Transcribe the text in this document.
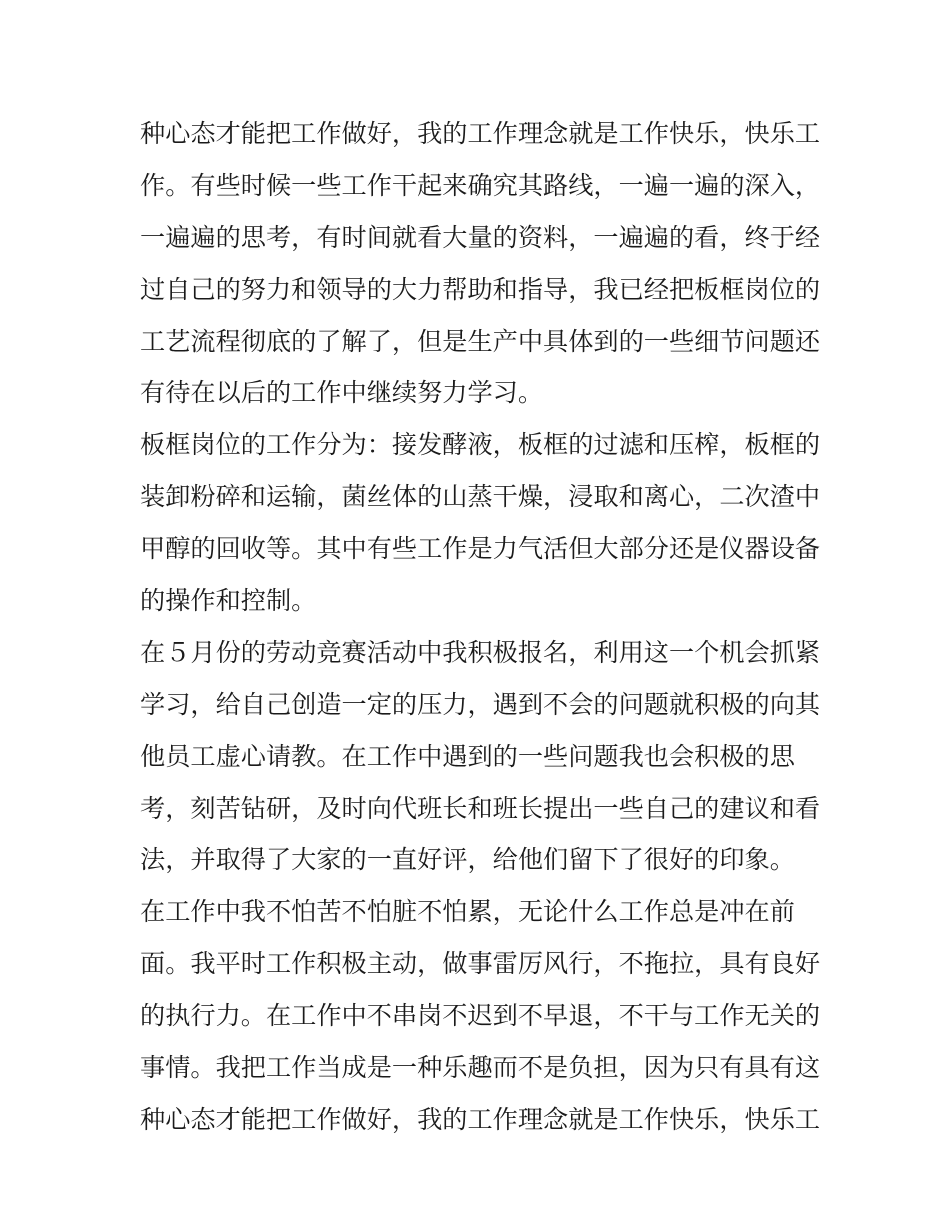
种心态才能把工作做好，我的工作理念就是工作快乐，快乐工
作。有些时候一些工作干起来确究其路线，一遍一遍的深入，
一遍遍的思考，有时间就看大量的资料，一遍遍的看，终于经
过自己的努力和领导的大力帮助和指导，我已经把板框岗位的
工艺流程彻底的了解了，但是生产中具体到的一些细节问题还
有待在以后的工作中继续努力学习。
板框岗位的工作分为：接发酵液，板框的过滤和压榨，板框的
装卸粉碎和运输，菌丝体的山蒸干燥，浸取和离心，二次渣中
甲醇的回收等。其中有些工作是力气活但大部分还是仪器设备
的操作和控制。
在５月份的劳动竞赛活动中我积极报名，利用这一个机会抓紧
学习，给自己创造一定的压力，遇到不会的问题就积极的向其
他员工虚心请教。在工作中遇到的一些问题我也会积极的思
考，刻苦钻研，及时向代班长和班长提出一些自己的建议和看
法，并取得了大家的一直好评，给他们留下了很好的印象。
在工作中我不怕苦不怕脏不怕累，无论什么工作总是冲在前
面。我平时工作积极主动，做事雷厉风行，不拖拉，具有良好
的执行力。在工作中不串岗不迟到不早退，不干与工作无关的
事情。我把工作当成是一种乐趣而不是负担，因为只有具有这
种心态才能把工作做好，我的工作理念就是工作快乐，快乐工
